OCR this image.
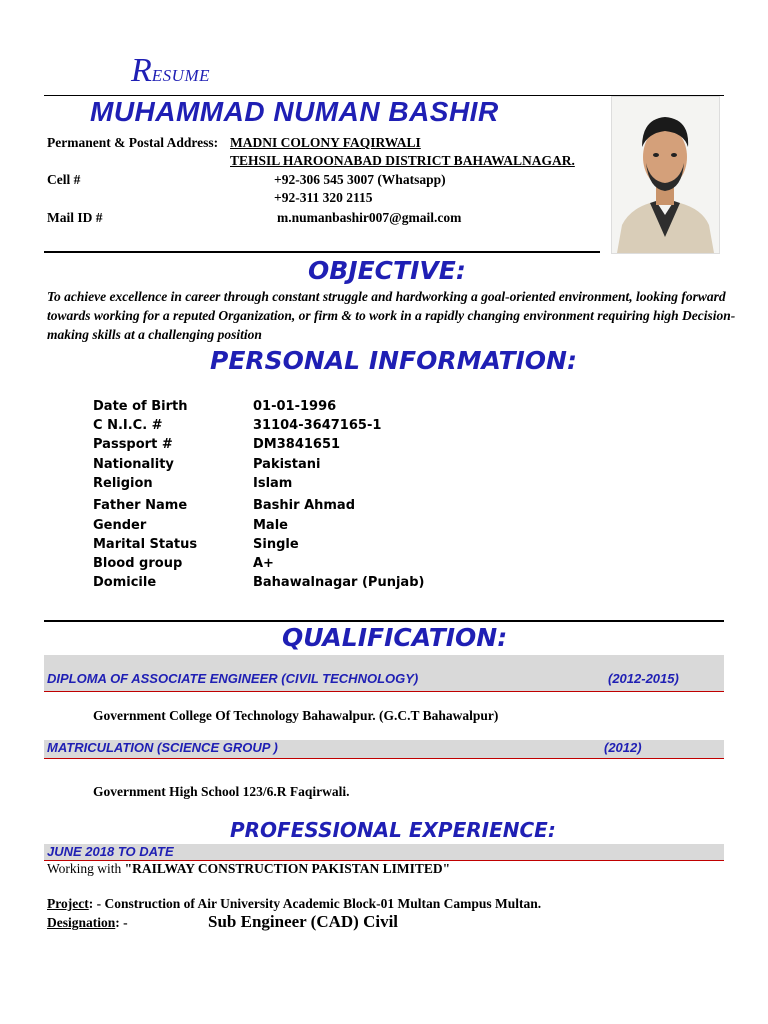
RESUME
MUHAMMAD NUMAN BASHIR
Permanent & Postal Address: MADNI COLONY FAQIRWALI
TEHSIL HAROONABAD DISTRICT BAHAWALNAGAR.
Cell #	+92-306 545 3007 (Whatsapp)
+92-311 320 2115
Mail ID #	m.numanbashir007@gmail.com
OBJECTIVE:
To achieve excellence in career through constant struggle and hardworking a goal-oriented environment, looking forward towards working for a reputed Organization, or firm & to work in a rapidly changing environment requiring high Decision-making skills at a challenging position
PERSONAL INFORMATION:
Date of Birth	01-01-1996
C N.I.C. #	31104-3647165-1
Passport #	DM3841651
Nationality	Pakistani
Religion	Islam
Father Name	Bashir Ahmad
Gender	Male
Marital Status	Single
Blood group	A+
Domicile	Bahawalnagar (Punjab)
QUALIFICATION:
DIPLOMA OF ASSOCIATE ENGINEER (CIVIL TECHNOLOGY)	(2012-2015)
Government College Of Technology Bahawalpur. (G.C.T Bahawalpur)
MATRICULATION (SCIENCE GROUP )	(2012)
Government High School 123/6.R Faqirwali.
PROFESSIONAL EXPERIENCE:
JUNE 2018 TO DATE
Working with "RAILWAY CONSTRUCTION PAKISTAN LIMITED"
Project: - Construction of Air University Academic Block-01 Multan Campus Multan.
Designation: -	Sub Engineer (CAD) Civil
